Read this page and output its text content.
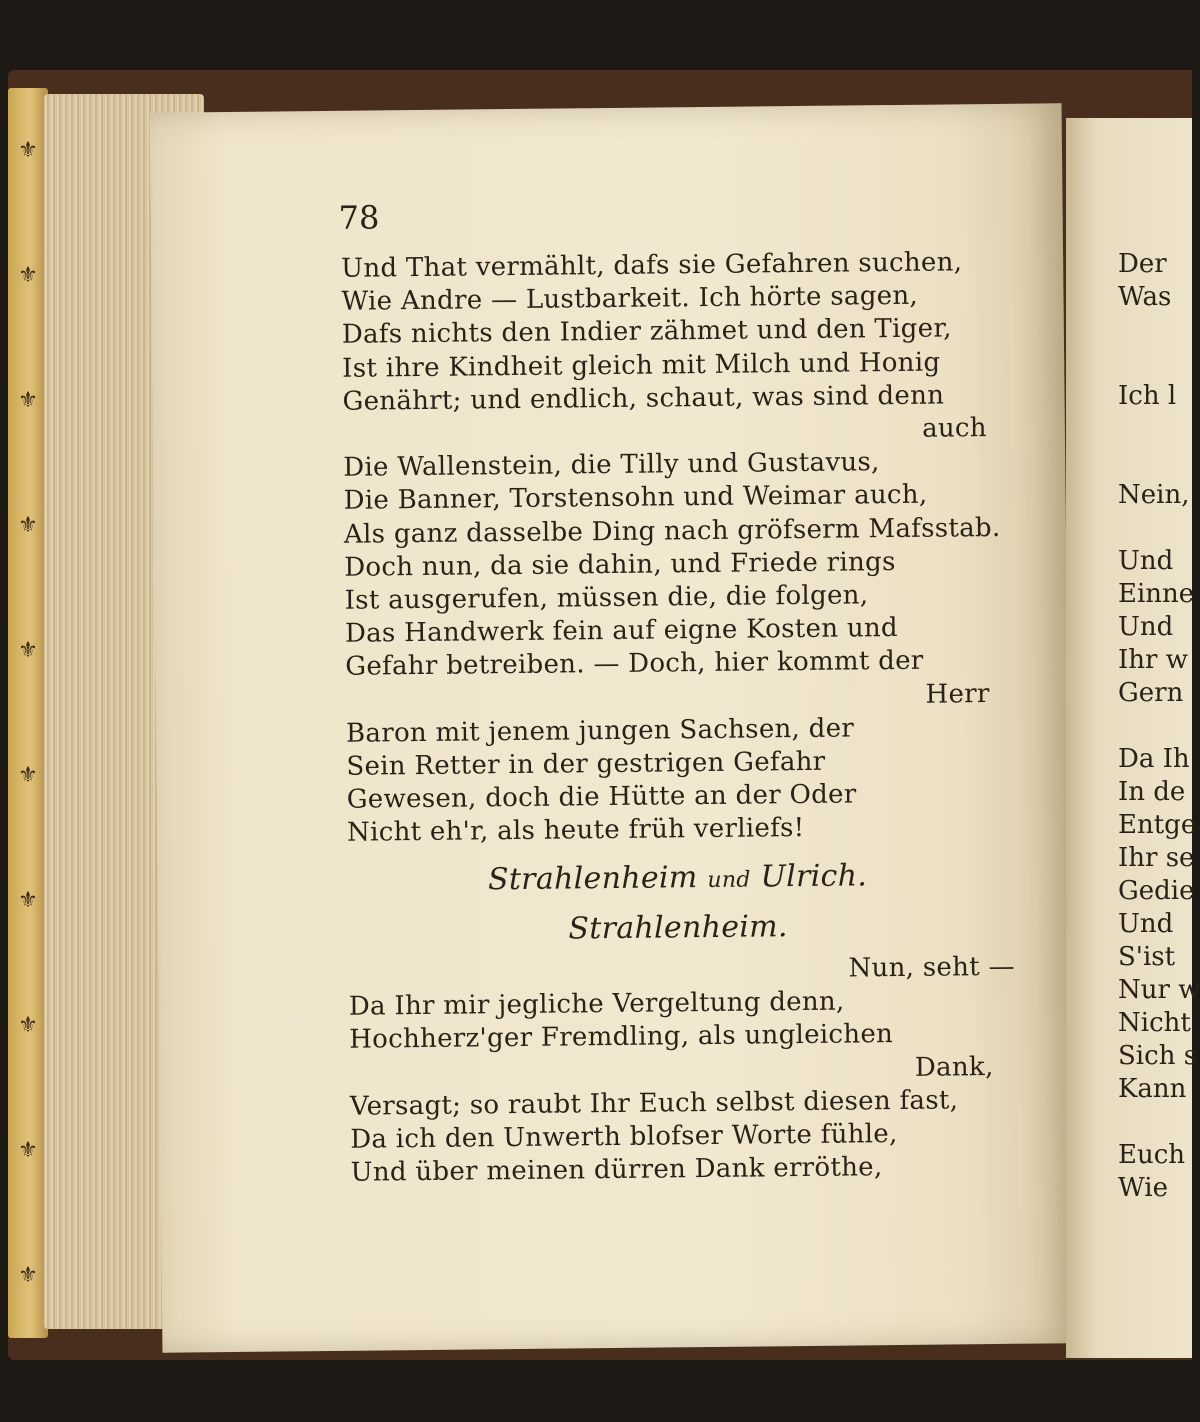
⚜
⚜
⚜
⚜
⚜
⚜
⚜
⚜
⚜
⚜
78
Und That vermählt, dafs sie Gefahren suchen,
Wie Andre — Lustbarkeit. Ich hörte sagen,
Dafs nichts den Indier zähmet und den Tiger,
Ist ihre Kindheit gleich mit Milch und Honig
Genährt; und endlich, schaut, was sind denn
auch
Die Wallenstein, die Tilly und Gustavus,
Die Banner, Torstensohn und Weimar auch,
Als ganz dasselbe Ding nach gröfserm Mafsstab.
Doch nun, da sie dahin, und Friede rings
Ist ausgerufen, müssen die, die folgen,
Das Handwerk fein auf eigne Kosten und
Gefahr betreiben. — Doch, hier kommt der
Herr
Baron mit jenem jungen Sachsen, der
Sein Retter in der gestrigen Gefahr
Gewesen, doch die Hütte an der Oder
Nicht eh'r, als heute früh verliefs!
Strahlenheim und Ulrich.
Strahlenheim.
Nun, seht —
Da Ihr mir jegliche Vergeltung denn,
Hochherz'ger Fremdling, als ungleichen
Dank,
Versagt; so raubt Ihr Euch selbst diesen fast,
Da ich den Unwerth blofser Worte fühle,
Und über meinen dürren Dank erröthe,
Der
Was
Ich l
Nein,
Und
Einne
Und
Ihr w
Gern
Da Ih
In de
Entge
Ihr se
Gedie
Und
S'ist
Nur w
Nicht
Sich s
Kann
Euch
Wie
